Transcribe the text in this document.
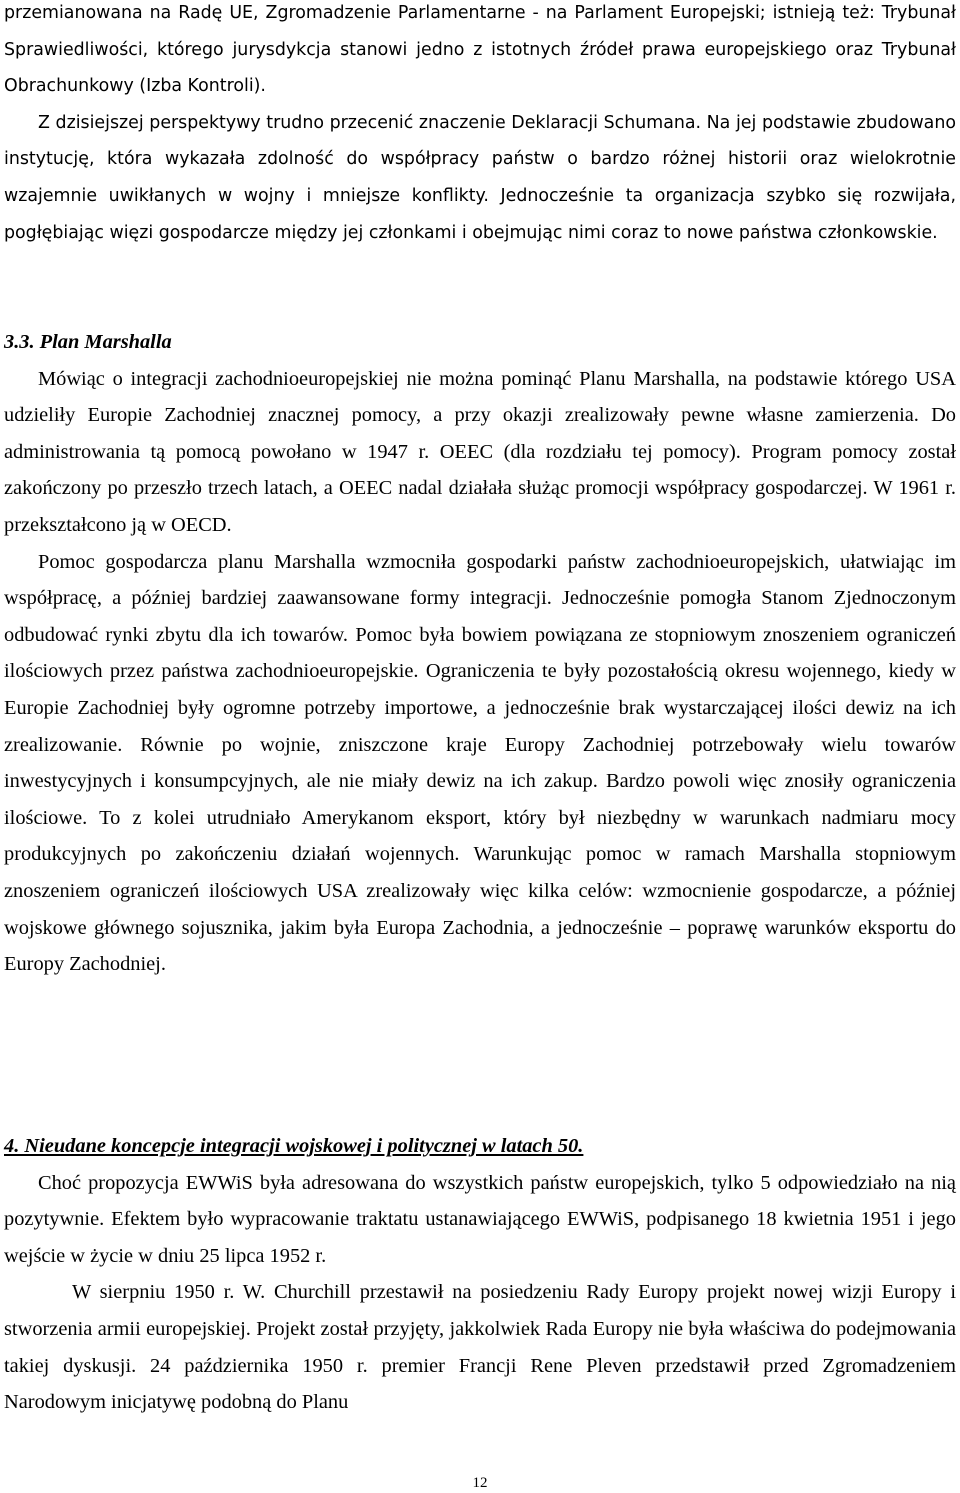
przemianowana na Radę UE, Zgromadzenie Parlamentarne - na Parlament Europejski; istnieją też: Trybunał Sprawiedliwości, którego jurysdykcja stanowi jedno z istotnych źródeł prawa europejskiego oraz Trybunał Obrachunkowy (Izba Kontroli).

Z dzisiejszej perspektywy trudno przecenić znaczenie Deklaracji Schumana. Na jej podstawie zbudowano instytucję, która wykazała zdolność do współpracy państw o bardzo różnej historii oraz wielokrotnie wzajemnie uwikłanych w wojny i mniejsze konflikty. Jednocześnie ta organizacja szybko się rozwijała, pogłębiając więzi gospodarcze między jej członkami i obejmując nimi coraz to nowe państwa członkowskie.

3.3. Plan Marshalla

Mówiąc o integracji zachodnioeuropejskiej nie można pominąć Planu Marshalla, na podstawie którego USA udzieliły Europie Zachodniej znacznej pomocy, a przy okazji zrealizowały pewne własne zamierzenia. Do administrowania tą pomocą powołano w 1947 r. OEEC (dla rozdziału tej pomocy). Program pomocy został zakończony po przeszło trzech latach, a OEEC nadal działała służąc promocji współpracy gospodarczej. W 1961 r. przekształcono ją w OECD.

Pomoc gospodarcza planu Marshalla wzmocniła gospodarki państw zachodnioeuropejskich, ułatwiając im współpracę, a później bardziej zaawansowane formy integracji. Jednocześnie pomogła Stanom Zjednoczonym odbudować rynki zbytu dla ich towarów. Pomoc była bowiem powiązana ze stopniowym znoszeniem ograniczeń ilościowych przez państwa zachodnioeuropejskie. Ograniczenia te były pozostałością okresu wojennego, kiedy w Europie Zachodniej były ogromne potrzeby importowe, a jednocześnie brak wystarczającej ilości dewiz na ich zrealizowanie. Równie po wojnie, zniszczone kraje Europy Zachodniej potrzebowały wielu towarów inwestycyjnych i konsumpcyjnych, ale nie miały dewiz na ich zakup. Bardzo powoli więc znosiły ograniczenia ilościowe. To z kolei utrudniało Amerykanom eksport, który był niezbędny w warunkach nadmiaru mocy produkcyjnych po zakończeniu działań wojennych. Warunkując pomoc w ramach Marshalla stopniowym znoszeniem ograniczeń ilościowych USA zrealizowały więc kilka celów: wzmocnienie gospodarcze, a później wojskowe głównego sojusznika, jakim była Europa Zachodnia, a jednocześnie – poprawę warunków eksportu do Europy Zachodniej.

4. Nieudane koncepcje integracji wojskowej i politycznej w latach 50.

Choć propozycja EWWiS była adresowana do wszystkich państw europejskich, tylko 5 odpowiedziało na nią pozytywnie. Efektem było wypracowanie traktatu ustanawiającego EWWiS, podpisanego 18 kwietnia 1951 i jego wejście w życie w dniu 25 lipca 1952 r.

W sierpniu 1950 r. W. Churchill przestawił na posiedzeniu Rady Europy projekt nowej wizji Europy i stworzenia armii europejskiej. Projekt został przyjęty, jakkolwiek Rada Europy nie była właściwa do podejmowania takiej dyskusji. 24 października 1950 r. premier Francji Rene Pleven przedstawił przed Zgromadzeniem Narodowym inicjatywę podobną do Planu

12
